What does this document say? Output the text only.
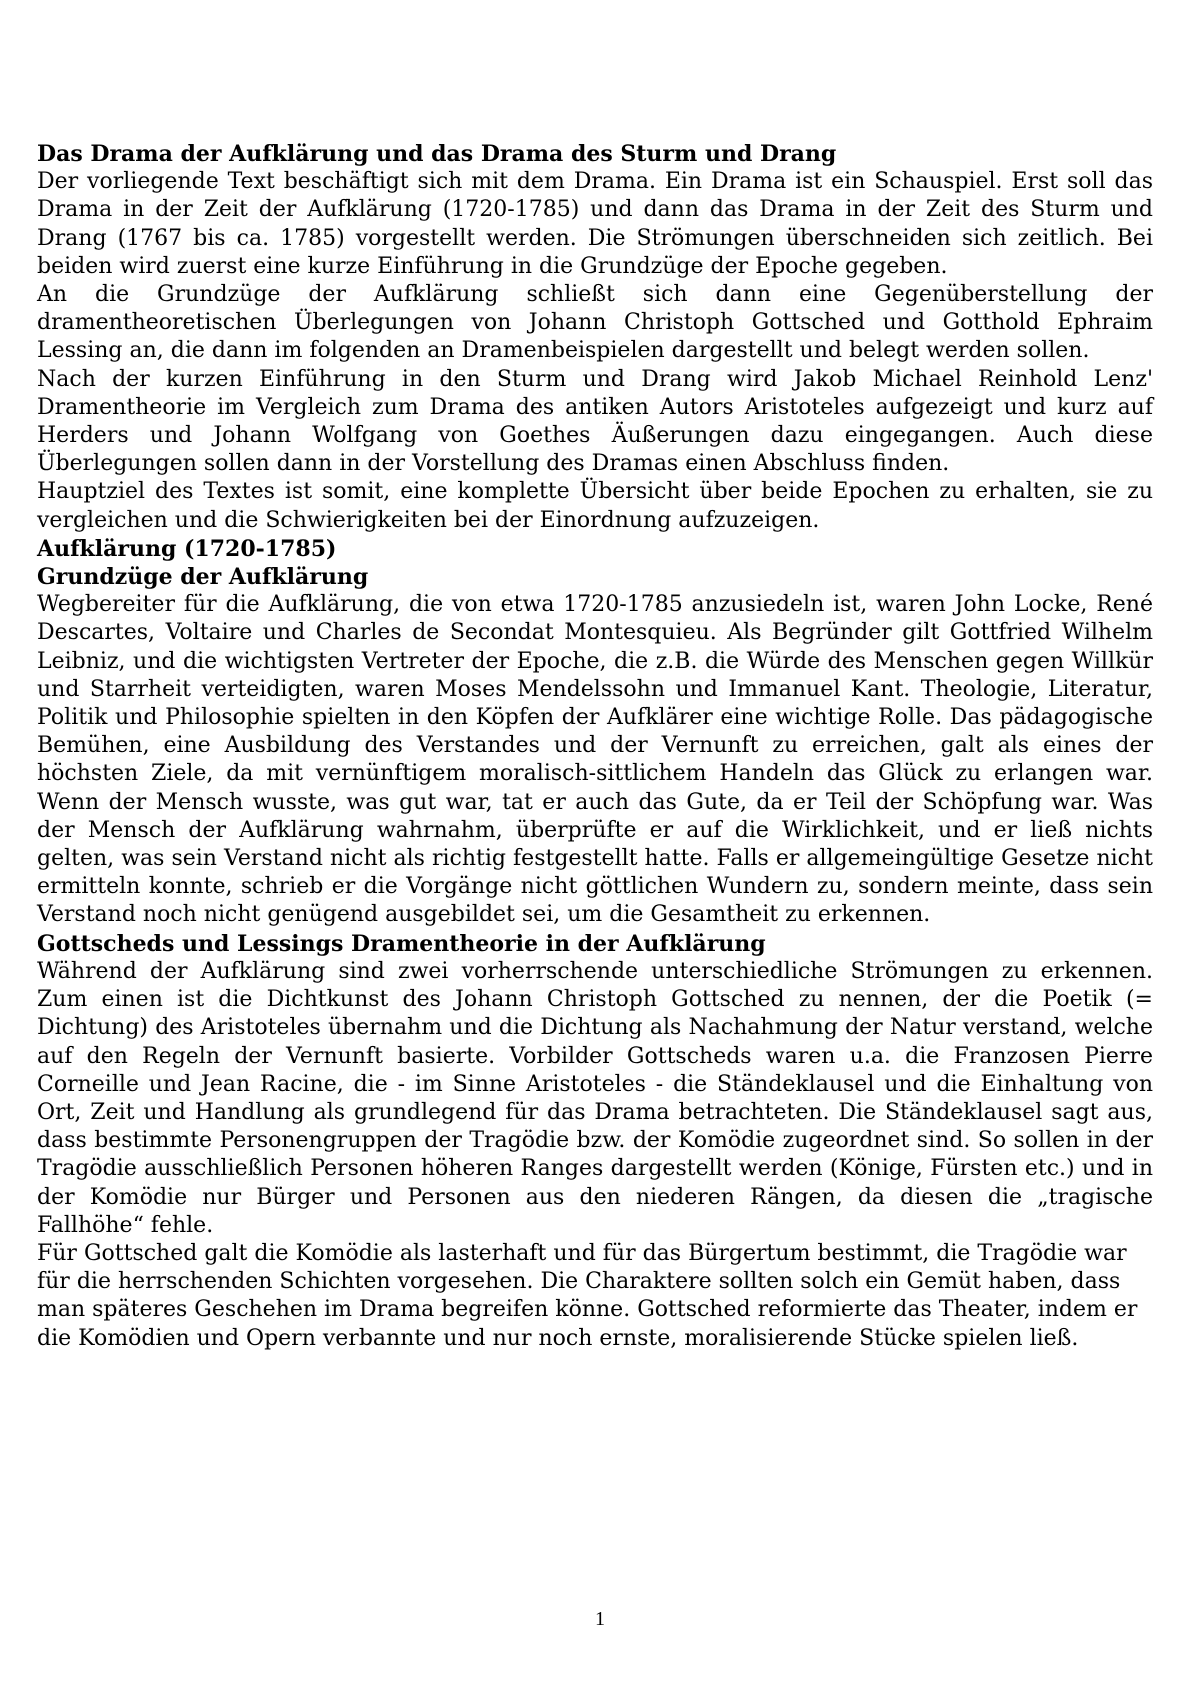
Das Drama der Aufklärung und das Drama des Sturm und Drang

Der vorliegende Text beschäftigt sich mit dem Drama. Ein Drama ist ein Schauspiel. Erst soll das Drama in der Zeit der Aufklärung (1720-1785) und dann das Drama in der Zeit des Sturm und Drang (1767 bis ca. 1785) vorgestellt werden. Die Strömungen überschneiden sich zeitlich. Bei beiden wird zuerst eine kurze Einführung in die Grundzüge der Epoche gegeben.

An die Grundzüge der Aufklärung schließt sich dann eine Gegenüberstellung der dramentheoretischen Überlegungen von Johann Christoph Gottsched und Gotthold Ephraim Lessing an, die dann im folgenden an Dramenbeispielen dargestellt und belegt werden sollen.

Nach der kurzen Einführung in den Sturm und Drang wird Jakob Michael Reinhold Lenz' Dramentheorie im Vergleich zum Drama des antiken Autors Aristoteles aufgezeigt und kurz auf Herders und Johann Wolfgang von Goethes Äußerungen dazu eingegangen. Auch diese Überlegungen sollen dann in der Vorstellung des Dramas einen Abschluss finden.

Hauptziel des Textes ist somit, eine komplette Übersicht über beide Epochen zu erhalten, sie zu vergleichen und die Schwierigkeiten bei der Einordnung aufzuzeigen.

Aufklärung (1720-1785)
Grundzüge der Aufklärung

Wegbereiter für die Aufklärung, die von etwa 1720-1785 anzusiedeln ist, waren John Locke, René Descartes, Voltaire und Charles de Secondat Montesquieu. Als Begründer gilt Gottfried Wilhelm Leibniz, und die wichtigsten Vertreter der Epoche, die z.B. die Würde des Menschen gegen Willkür und Starrheit verteidigten, waren Moses Mendelssohn und Immanuel Kant. Theologie, Literatur, Politik und Philosophie spielten in den Köpfen der Aufklärer eine wichtige Rolle. Das pädagogische Bemühen, eine Ausbildung des Verstandes und der Vernunft zu erreichen, galt als eines der höchsten Ziele, da mit vernünftigem moralisch-sittlichem Handeln das Glück zu erlangen war. Wenn der Mensch wusste, was gut war, tat er auch das Gute, da er Teil der Schöpfung war. Was der Mensch der Aufklärung wahrnahm, überprüfte er auf die Wirklichkeit, und er ließ nichts gelten, was sein Verstand nicht als richtig festgestellt hatte. Falls er allgemeingültige Gesetze nicht ermitteln konnte, schrieb er die Vorgänge nicht göttlichen Wundern zu, sondern meinte, dass sein Verstand noch nicht genügend ausgebildet sei, um die Gesamtheit zu erkennen.

Gottscheds und Lessings Dramentheorie in der Aufklärung

Während der Aufklärung sind zwei vorherrschende unterschiedliche Strömungen zu erkennen. Zum einen ist die Dichtkunst des Johann Christoph Gottsched zu nennen, der die Poetik (= Dichtung) des Aristoteles übernahm und die Dichtung als Nachahmung der Natur verstand, welche auf den Regeln der Vernunft basierte. Vorbilder Gottscheds waren u.a. die Franzosen Pierre Corneille und Jean Racine, die - im Sinne Aristoteles - die Ständeklausel und die Einhaltung von Ort, Zeit und Handlung als grundlegend für das Drama betrachteten. Die Ständeklausel sagt aus, dass bestimmte Personengruppen der Tragödie bzw. der Komödie zugeordnet sind. So sollen in der Tragödie ausschließlich Personen höheren Ranges dargestellt werden (Könige, Fürsten etc.) und in der Komödie nur Bürger und Personen aus den niederen Rängen, da diesen die „tragische Fallhöhe“ fehle.

Für Gottsched galt die Komödie als lasterhaft und für das Bürgertum bestimmt, die Tragödie war für die herrschenden Schichten vorgesehen. Die Charaktere sollten solch ein Gemüt haben, dass man späteres Geschehen im Drama begreifen könne. Gottsched reformierte das Theater, indem er die Komödien und Opern verbannte und nur noch ernste, moralisierende Stücke spielen ließ.

1
